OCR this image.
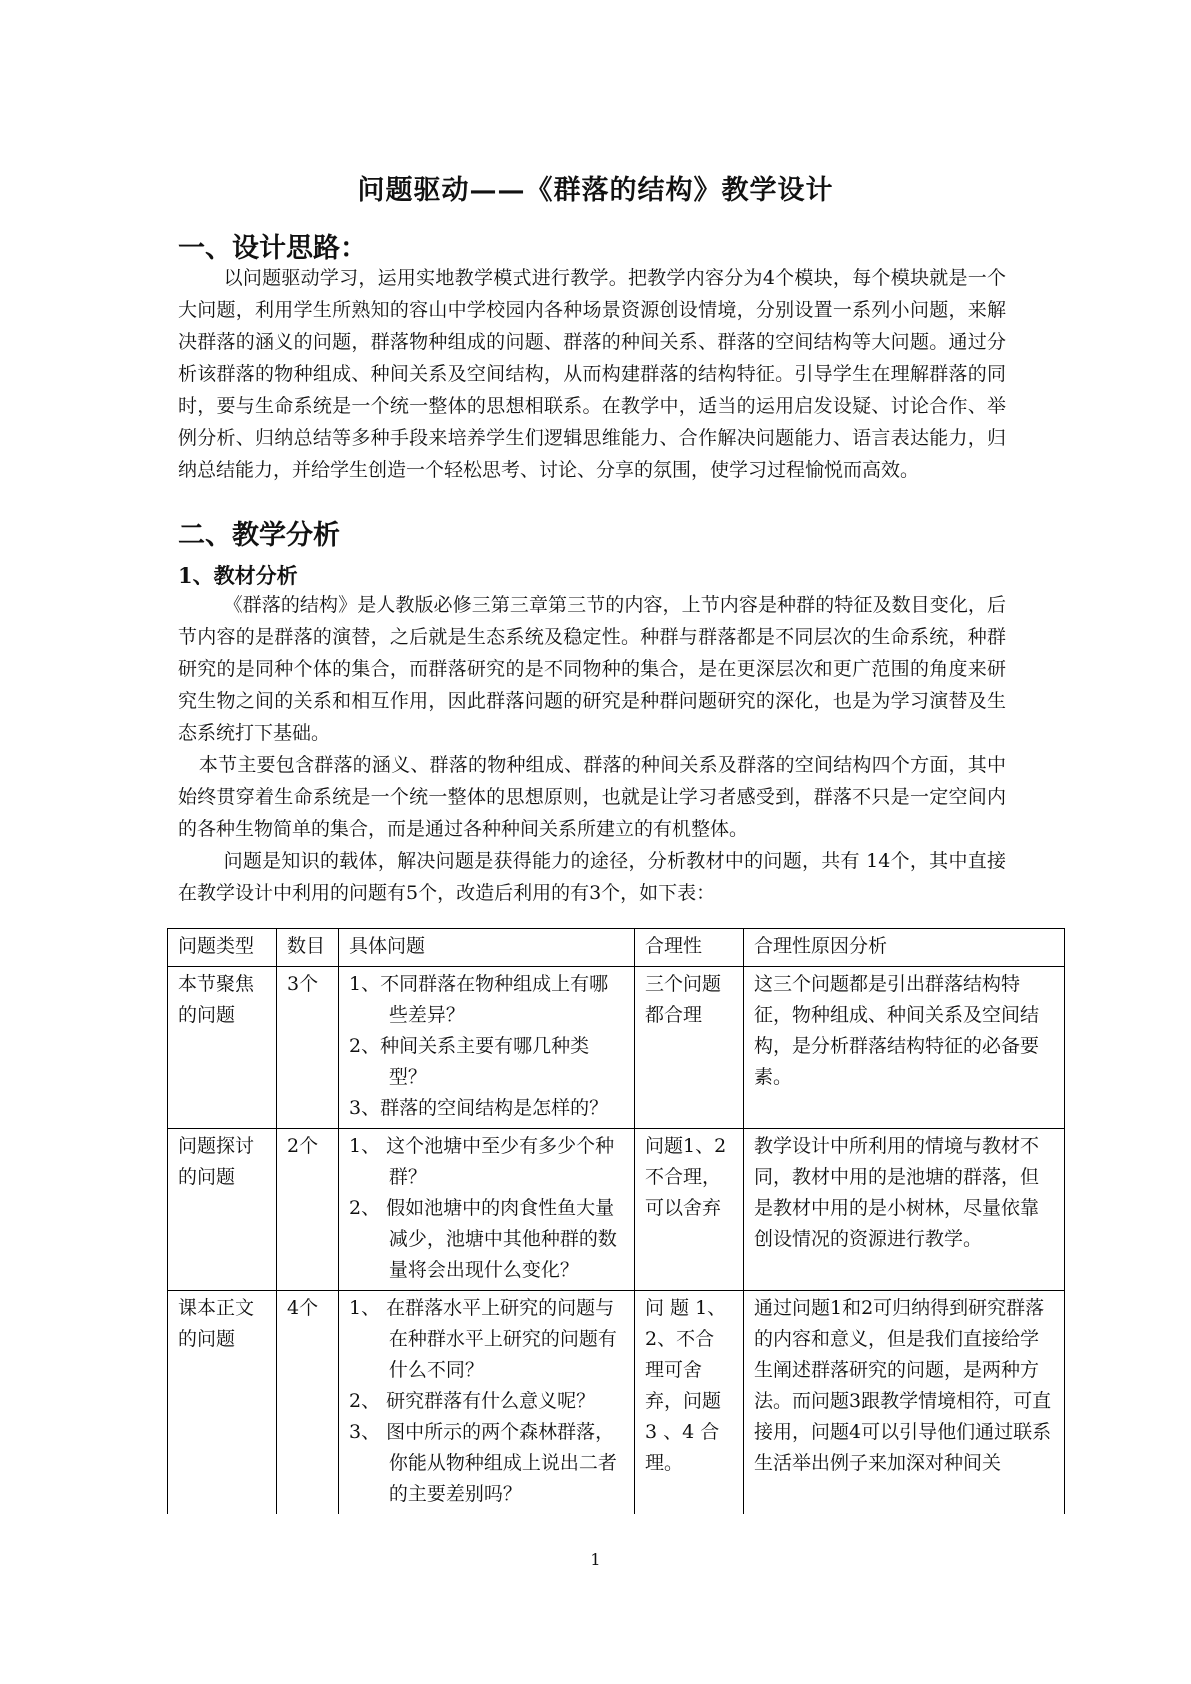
问题驱动——《群落的结构》教学设计
一、设计思路：

以问题驱动学习，运用实地教学模式进行教学。把教学内容分为4个模块，每个模块就是一个大问题，利用学生所熟知的容山中学校园内各种场景资源创设情境，分别设置一系列小问题，来解决群落的涵义的问题，群落物种组成的问题、群落的种间关系、群落的空间结构等大问题。通过分析该群落的物种组成、种间关系及空间结构，从而构建群落的结构特征。引导学生在理解群落的同时，要与生命系统是一个统一整体的思想相联系。在教学中，适当的运用启发设疑、讨论合作、举例分析、归纳总结等多种手段来培养学生们逻辑思维能力、合作解决问题能力、语言表达能力，归纳总结能力，并给学生创造一个轻松思考、讨论、分享的氛围，使学习过程愉悦而高效。

二、教学分析
1、教材分析

《群落的结构》是人教版必修三第三章第三节的内容，上节内容是种群的特征及数目变化，后节内容的是群落的演替，之后就是生态系统及稳定性。种群与群落都是不同层次的生命系统，种群研究的是同种个体的集合，而群落研究的是不同物种的集合，是在更深层次和更广范围的角度来研究生物之间的关系和相互作用，因此群落问题的研究是种群问题研究的深化，也是为学习演替及生态系统打下基础。

本节主要包含群落的涵义、群落的物种组成、群落的种间关系及群落的空间结构四个方面，其中始终贯穿着生命系统是一个统一整体的思想原则，也就是让学习者感受到，群落不只是一定空间内的各种生物简单的集合，而是通过各种种间关系所建立的有机整体。

问题是知识的载体，解决问题是获得能力的途径，分析教材中的问题，共有 14个，其中直接在教学设计中利用的问题有5个，改造后利用的有3个，如下表：

问题类型	数目	具体问题	合理性	合理性原因分析
本节聚焦的问题	3个	1、不同群落在物种组成上有哪些差异？

2、种间关系主要有哪几种类型？

3、群落的空间结构是怎样的？	三个问题都合理	这三个问题都是引出群落结构特征，物种组成、种间关系及空间结构，是分析群落结构特征的必备要素。
问题探讨的问题	2个	1、 这个池塘中至少有多少个种群？

2、 假如池塘中的肉食性鱼大量减少，池塘中其他种群的数量将会出现什么变化？	问题1、2不合理，可以舍弃	教学设计中所利用的情境与教材不同，教材中用的是池塘的群落，但是教材中用的是小树林，尽量依靠创设情况的资源进行教学。
课本正文的问题	4个	1、 在群落水平上研究的问题与在种群水平上研究的问题有什么不同？

2、 研究群落有什么意义呢？

3、 图中所示的两个森林群落，你能从物种组成上说出二者的主要差别吗？	问 题 1、2、不合理可舍弃，问题 3 、4 合理。	通过问题1和2可归纳得到研究群落的内容和意义，但是我们直接给学生阐述群落研究的问题，是两种方法。而问题3跟教学情境相符，可直接用，问题4可以引导他们通过联系生活举出例子来加深对种间关
1
